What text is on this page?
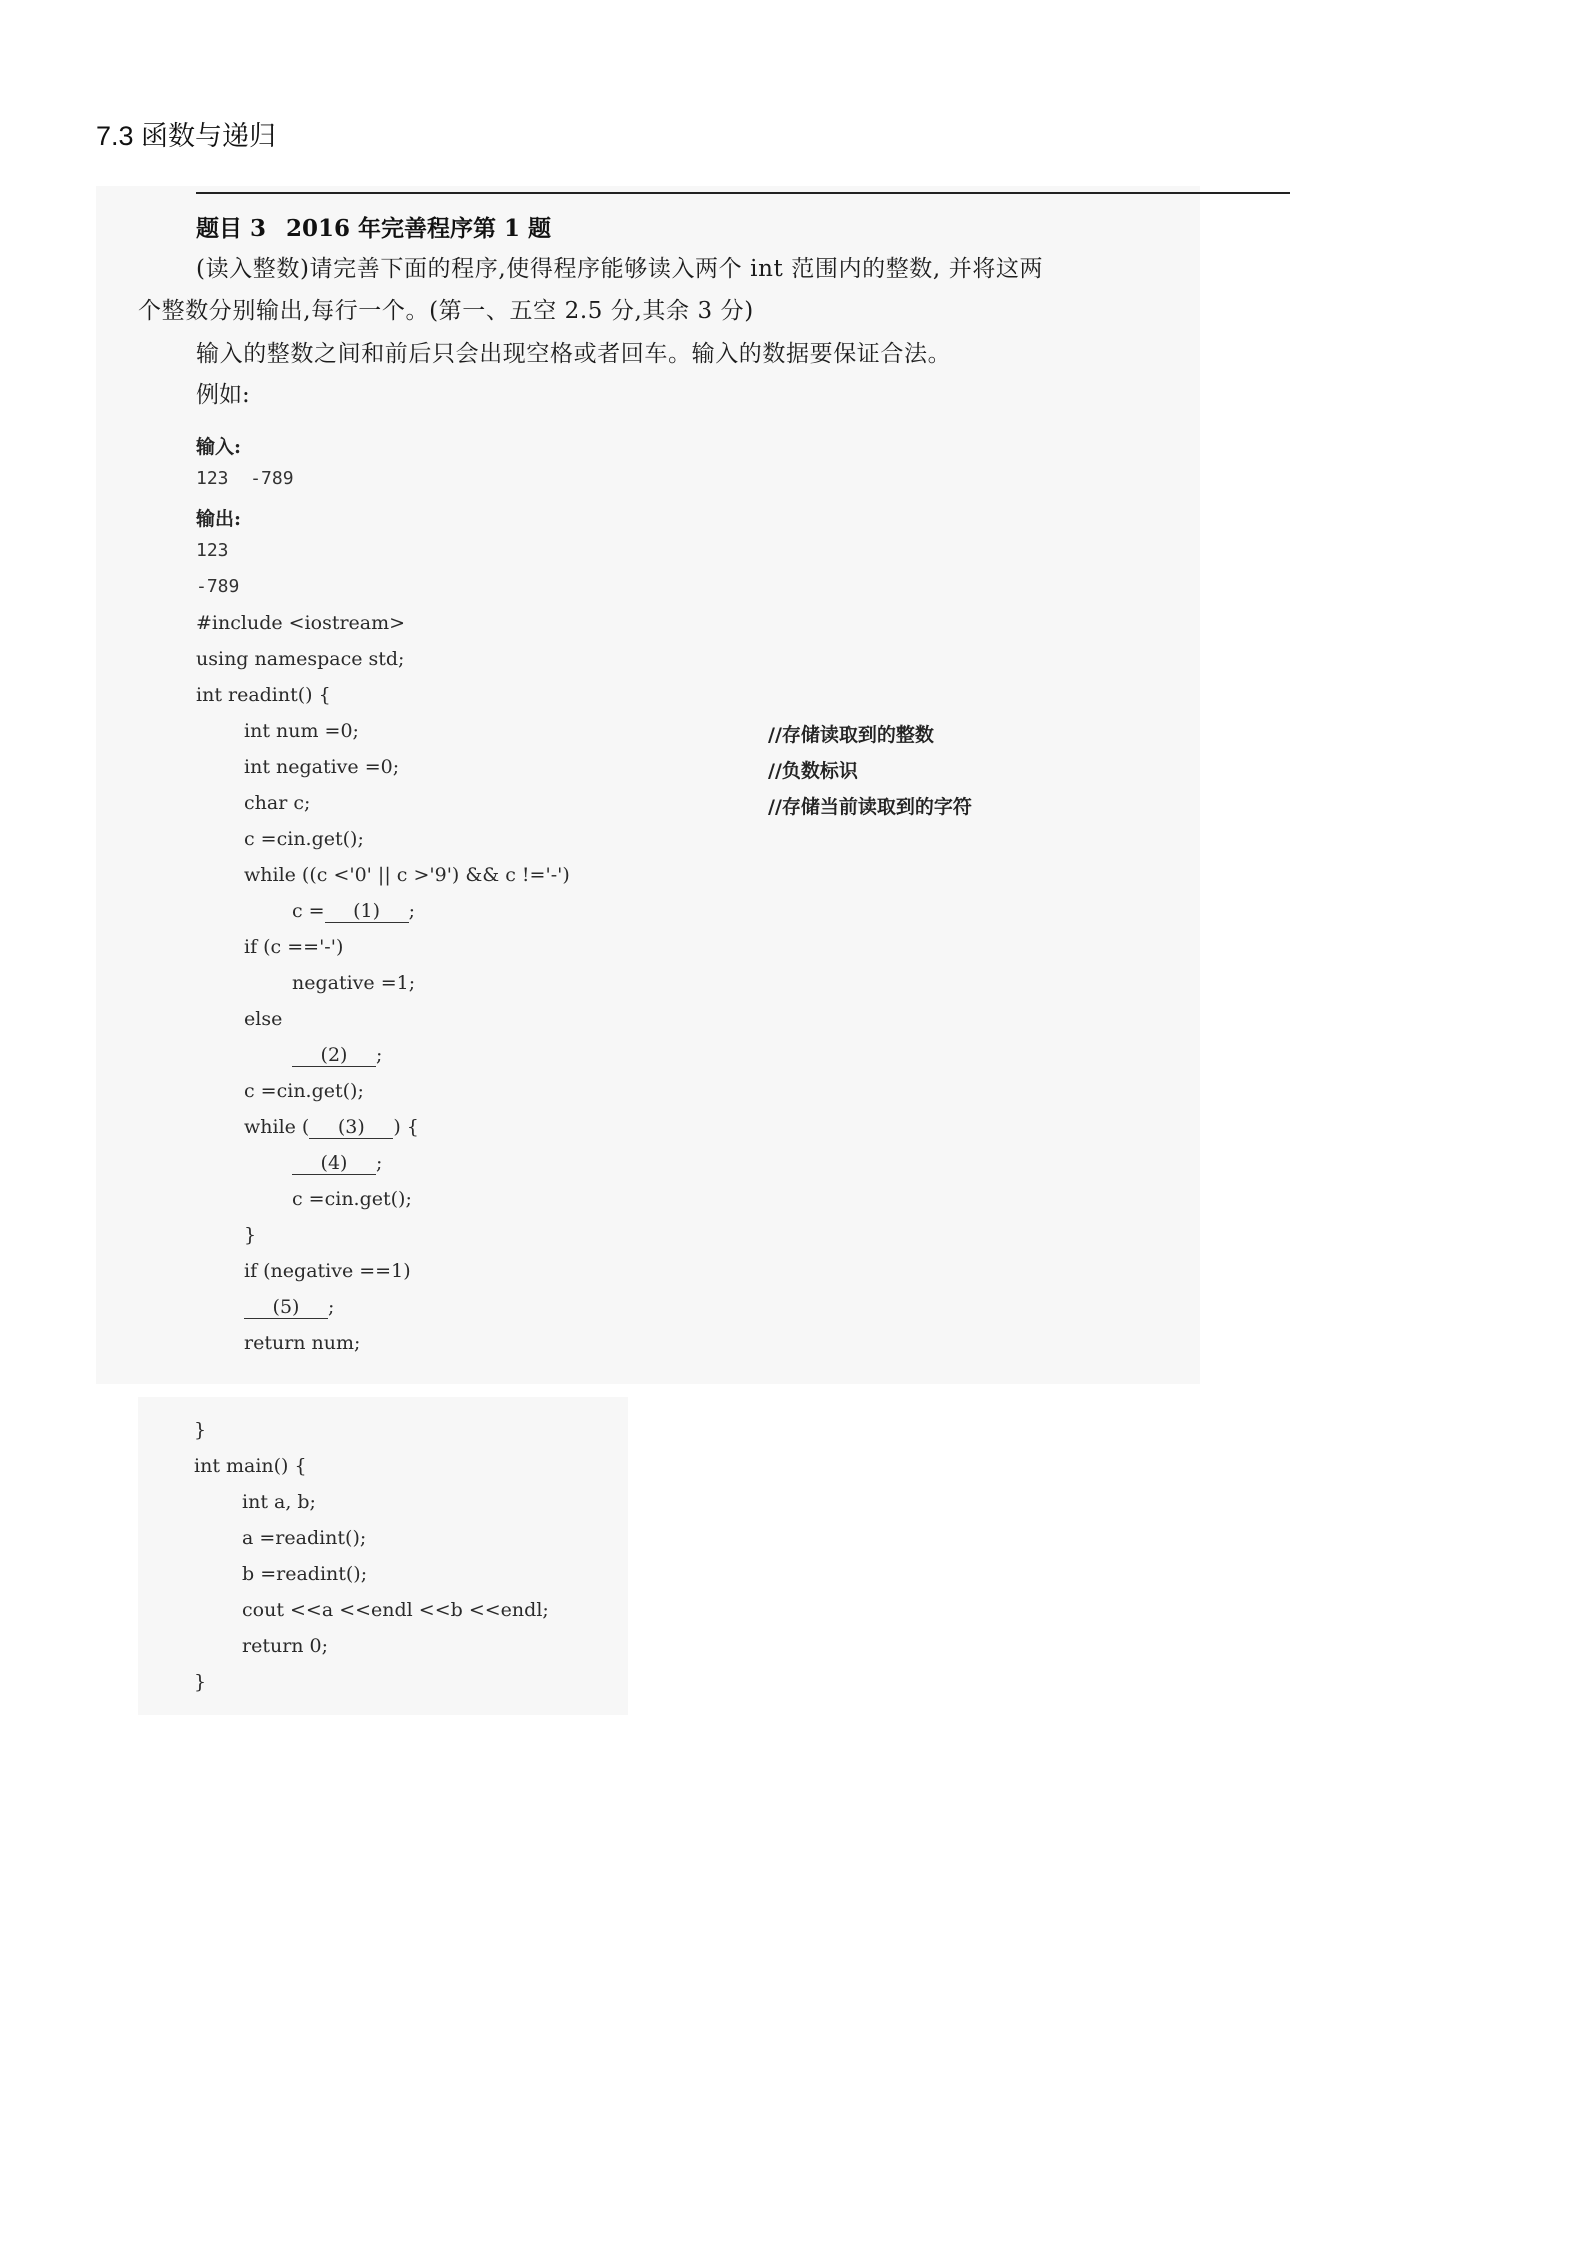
7.3 函数与递归
题目 3 2016 年完善程序第 1 题
(读入整数)请完善下面的程序,使得程序能够读入两个 int 范围内的整数, 并将这两
个整数分别输出,每行一个。(第一、五空 2.5 分,其余 3 分)
输入的整数之间和前后只会出现空格或者回车。输入的数据要保证合法。
例如:
输入:
123  -789
输出:
123
-789
#include <iostream>
using namespace std;
int readint() {
int num =0;	//存储读取到的整数
int negative =0;	//负数标识
char c;	//存储当前读取到的字符
c =cin.get();
while ((c <'0' || c >'9') && c !='-')
c = (1) ;
if (c =='-')
negative =1;
else
(2) ;
c =cin.get();
while ( (3) ) {
(4) ;
c =cin.get();
}
if (negative ==1)
(5) ;
return num;
}
int main() {
int a, b;
a =readint();
b =readint();
cout <<a <<endl <<b <<endl;
return 0;
}
